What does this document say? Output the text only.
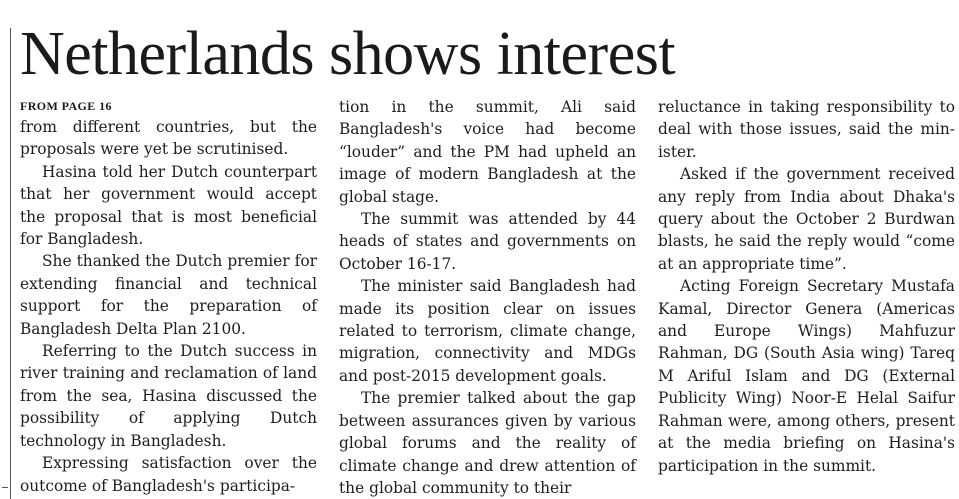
Netherlands shows interest
FROM PAGE 16

from different countries, but the proposals were yet be scrutinised.

Hasina told her Dutch counterpart that her government would accept the proposal that is most beneficial for Bangladesh.

She thanked the Dutch premier for extending financial and technical support for the preparation of Bangladesh Delta Plan 2100.

Referring to the Dutch success in river training and reclamation of land from the sea, Hasina discussed the possibility of applying Dutch technology in Bangladesh.

Expressing satisfaction over the outcome of Bangladesh's participa-

tion in the summit, Ali said Bangladesh's voice had become “louder” and the PM had upheld an image of modern Bangladesh at the global stage.

The summit was attended by 44 heads of states and governments on October 16-17.

The minister said Bangladesh had made its position clear on issues related to terrorism, climate change, migration, connectivity and MDGs and post-2015 development goals.

The premier talked about the gap between assurances given by various global forums and the reality of climate change and drew attention of the global community to their

reluctance in taking responsibility to deal with those issues, said the minister.

Asked if the government received any reply from India about Dhaka's query about the October 2 Burdwan blasts, he said the reply would “come at an appropriate time”.

Acting Foreign Secretary Mustafa Kamal, Director Genera (Americas and Europe Wings) Mahfuzur Rahman, DG (South Asia wing) Tareq M Ariful Islam and DG (External Publicity Wing) Noor-E Helal Saifur Rahman were, among others, present at the media briefing on Hasina's participation in the summit.
